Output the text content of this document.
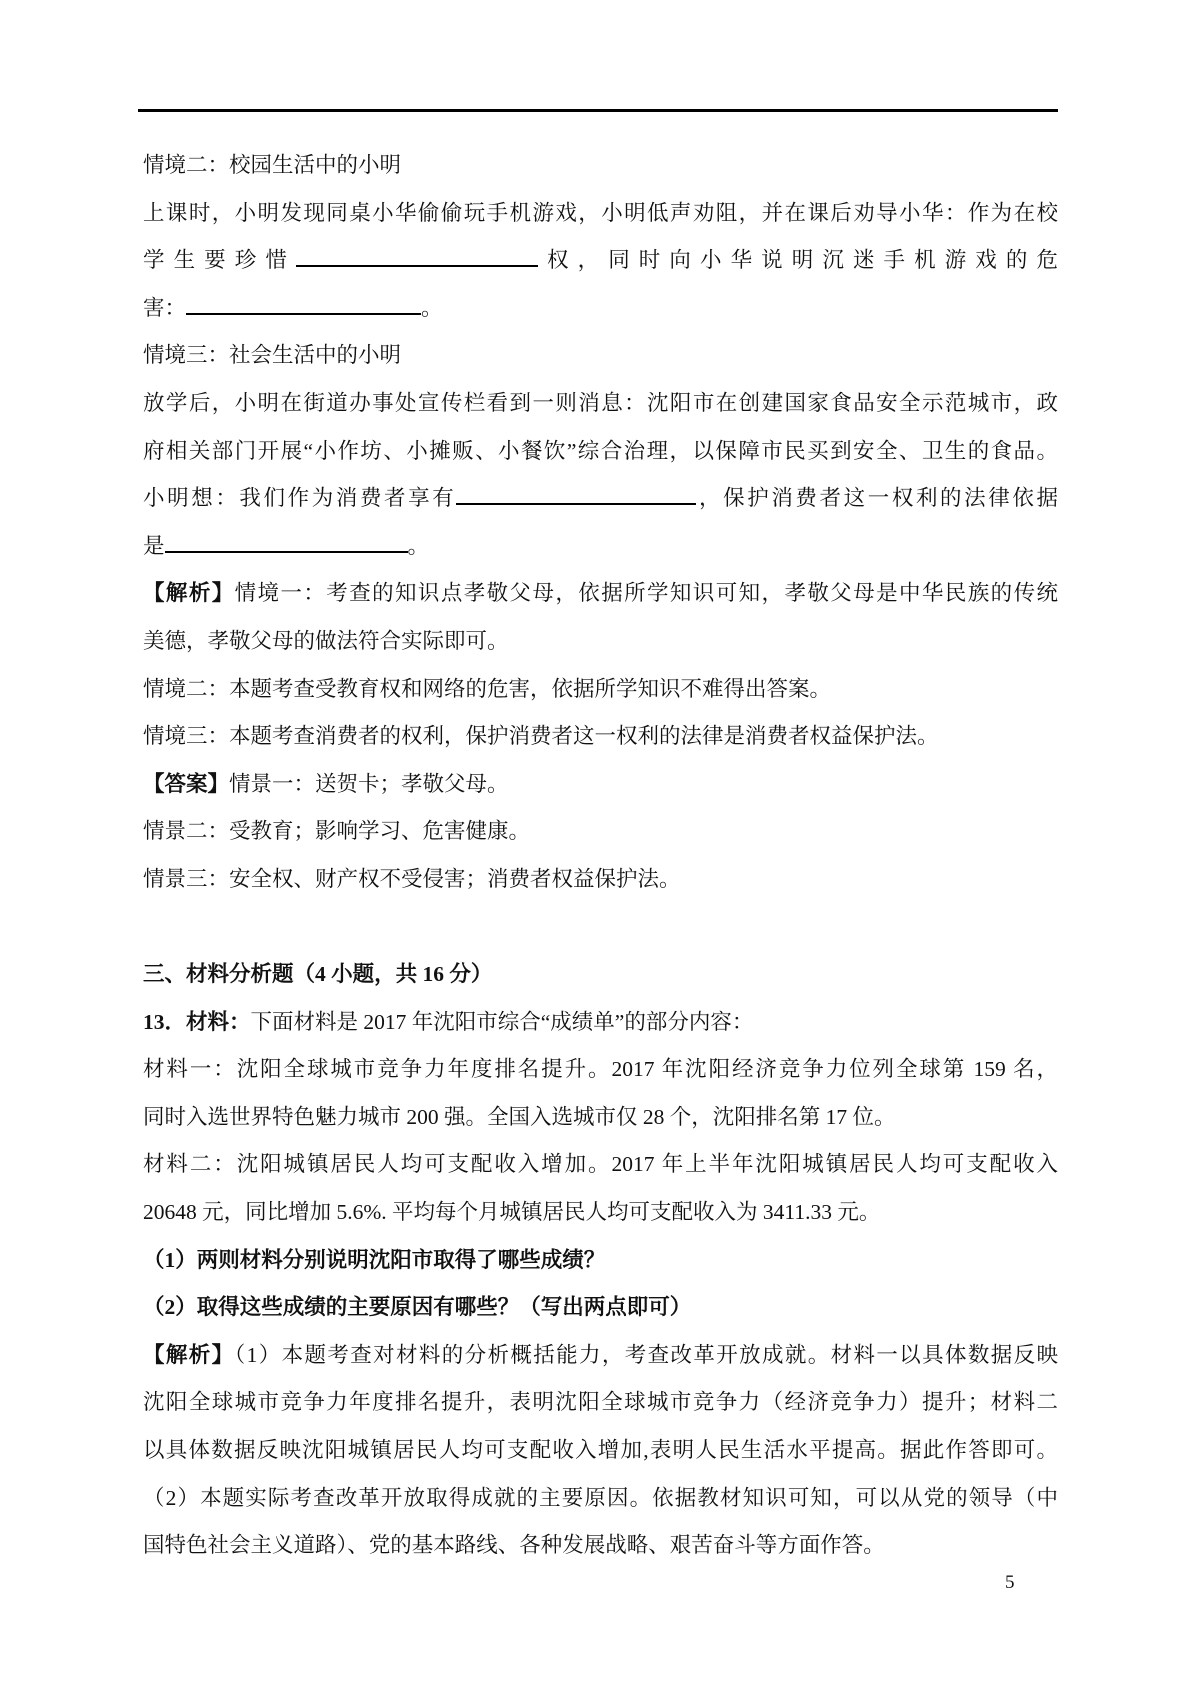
情境二：校园生活中的小明
上课时，小明发现同桌小华偷偷玩手机游戏，小明低声劝阻，并在课后劝导小华：作为在校
学生要珍惜	权，同时向小华说明沉迷手机游戏的危
害：	。
情境三：社会生活中的小明
放学后，小明在街道办事处宣传栏看到一则消息：沈阳市在创建国家食品安全示范城市，政
府相关部门开展“小作坊、小摊贩、小餐饮”综合治理，以保障市民买到安全、卫生的食品。
小明想：我们作为消费者享有	，保护消费者这一权利的法律依据
是	。
【解析】情境一：考查的知识点孝敬父母，依据所学知识可知，孝敬父母是中华民族的传统
美德，孝敬父母的做法符合实际即可。
情境二：本题考查受教育权和网络的危害，依据所学知识不难得出答案。
情境三：本题考查消费者的权利，保护消费者这一权利的法律是消费者权益保护法。
【答案】情景一：送贺卡；孝敬父母。
情景二：受教育；影响学习、危害健康。
情景三：安全权、财产权不受侵害；消费者权益保护法。
三、材料分析题（4 小题，共 16 分）
13．材料：下面材料是 2017 年沈阳市综合“成绩单”的部分内容：
材料一：沈阳全球城市竞争力年度排名提升。2017 年沈阳经济竞争力位列全球第 159 名，
同时入选世界特色魅力城市 200 强。全国入选城市仅 28 个，沈阳排名第 17 位。
材料二：沈阳城镇居民人均可支配收入增加。2017 年上半年沈阳城镇居民人均可支配收入
20648 元，同比增加 5.6%. 平均每个月城镇居民人均可支配收入为 3411.33 元。
（1）两则材料分别说明沈阳市取得了哪些成绩？
（2）取得这些成绩的主要原因有哪些？（写出两点即可）
【解析】（1）本题考查对材料的分析概括能力，考查改革开放成就。材料一以具体数据反映
沈阳全球城市竞争力年度排名提升，表明沈阳全球城市竞争力（经济竞争力）提升；材料二
以具体数据反映沈阳城镇居民人均可支配收入增加,表明人民生活水平提高。据此作答即可。
（2）本题实际考查改革开放取得成就的主要原因。依据教材知识可知，可以从党的领导（中
国特色社会主义道路）、党的基本路线、各种发展战略、艰苦奋斗等方面作答。
5
